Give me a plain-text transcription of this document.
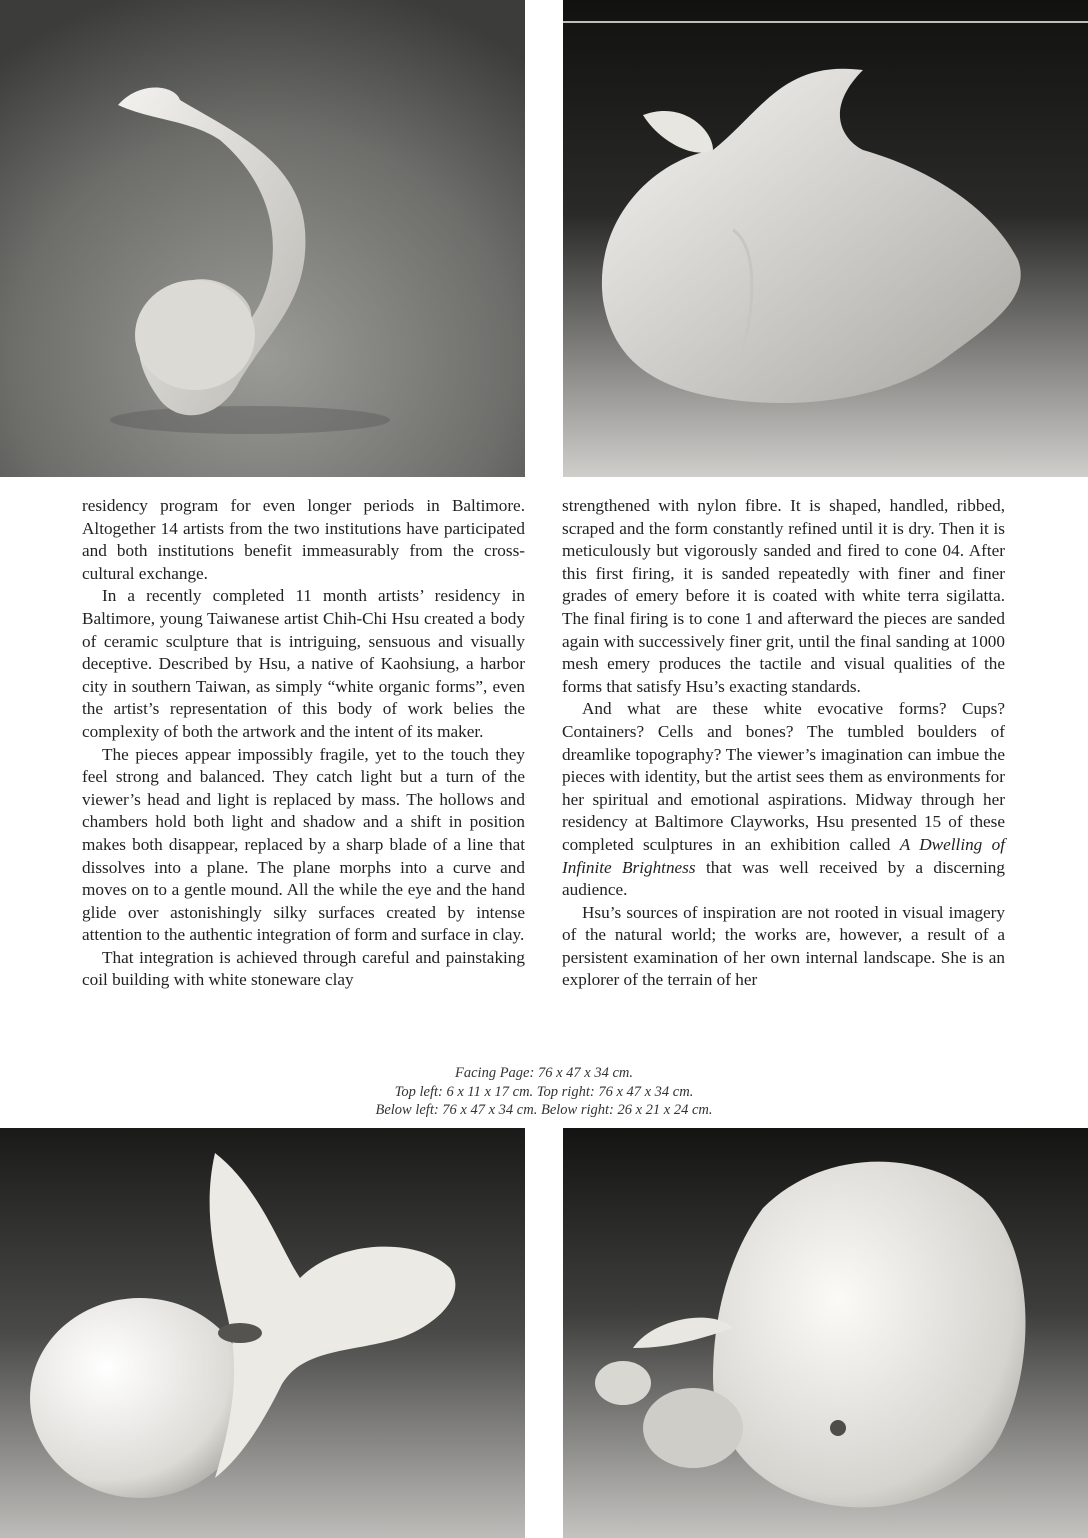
residency program for even longer periods in Baltimore. Altogether 14 artists from the two institutions have participated and both institutions benefit immeasurably from the cross-cultural exchange.

In a recently completed 11 month artists’ residency in Baltimore, young Taiwanese artist Chih-Chi Hsu created a body of ceramic sculpture that is intriguing, sensuous and visually deceptive. Described by Hsu, a native of Kaohsiung, a harbor city in southern Taiwan, as simply “white organic forms”, even the artist’s representation of this body of work belies the complexity of both the artwork and the intent of its maker.

The pieces appear impossibly fragile, yet to the touch they feel strong and balanced. They catch light but a turn of the viewer’s head and light is replaced by mass. The hollows and chambers hold both light and shadow and a shift in position makes both disappear, replaced by a sharp blade of a line that dissolves into a plane. The plane morphs into a curve and moves on to a gentle mound. All the while the eye and the hand glide over astonishingly silky surfaces created by intense attention to the authentic integration of form and surface in clay.

That integration is achieved through careful and painstaking coil building with white stoneware clay

strengthened with nylon fibre. It is shaped, handled, ribbed, scraped and the form constantly refined until it is dry. Then it is meticulously but vigorously sanded and fired to cone 04. After this first firing, it is sanded repeatedly with finer and finer grades of emery before it is coated with white terra sigilatta. The final firing is to cone 1 and afterward the pieces are sanded again with successively finer grit, until the final sanding at 1000 mesh emery produces the tactile and visual qualities of the forms that satisfy Hsu’s exacting standards.

And what are these white evocative forms? Cups? Containers? Cells and bones? The tumbled boulders of dreamlike topography? The viewer’s imagination can imbue the pieces with identity, but the artist sees them as environments for her spiritual and emotional aspirations. Midway through her residency at Baltimore Clayworks, Hsu presented 15 of these completed sculptures in an exhibition called A Dwelling of Infinite Brightness that was well received by a discerning audience.

Hsu’s sources of inspiration are not rooted in visual imagery of the natural world; the works are, however, a result of a persistent examination of her own internal landscape. She is an explorer of the terrain of her

Facing Page: 76 x 47 x 34 cm.
Top left: 6 x 11 x 17 cm. Top right: 76 x 47 x 34 cm.
Below left: 76 x 47 x 34 cm. Below right: 26 x 21 x 24 cm.
